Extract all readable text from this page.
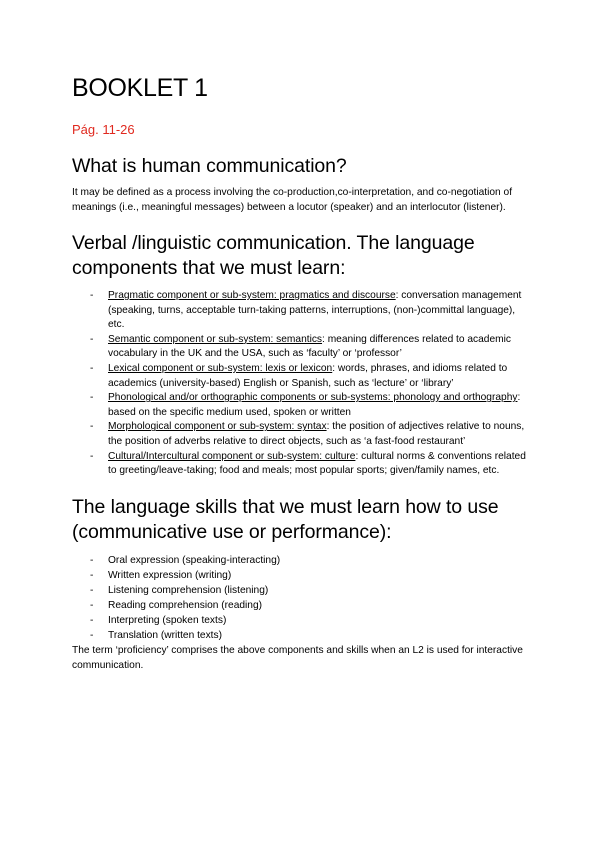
BOOKLET 1
Pág. 11-26
What is human communication?

It may be defined as a process involving the co-production,co-interpretation, and co-negotiation of meanings (i.e., meaningful messages) between a locutor (speaker) and an interlocutor (listener).

Verbal /linguistic communication. The language components that we must learn:
- Pragmatic component or sub-system: pragmatics and discourse: conversation management (speaking, turns, acceptable turn-taking patterns, interruptions, (non-)committal language), etc.
- Semantic component or sub-system: semantics: meaning differences related to academic vocabulary in the UK and the USA, such as ‘faculty’ or ‘professor’
- Lexical component or sub-system: lexis or lexicon: words, phrases, and idioms related to academics (university-based) English or Spanish, such as ‘lecture’ or ‘library’
- Phonological and/or orthographic components or sub-systems: phonology and orthography: based on the specific medium used, spoken or written
- Morphological component or sub-system: syntax: the position of adjectives relative to nouns, the position of adverbs relative to direct objects, such as ‘a fast-food restaurant’
- Cultural/Intercultural component or sub-system: culture: cultural norms & conventions related to greeting/leave-taking; food and meals; most popular sports; given/family names, etc.
The language skills that we must learn how to use (communicative use or performance):
- Oral expression (speaking-interacting)
- Written expression (writing)
- Listening comprehension (listening)
- Reading comprehension (reading)
- Interpreting (spoken texts)
- Translation (written texts)

The term ‘proficiency’ comprises the above components and skills when an L2 is used for interactive communication.
